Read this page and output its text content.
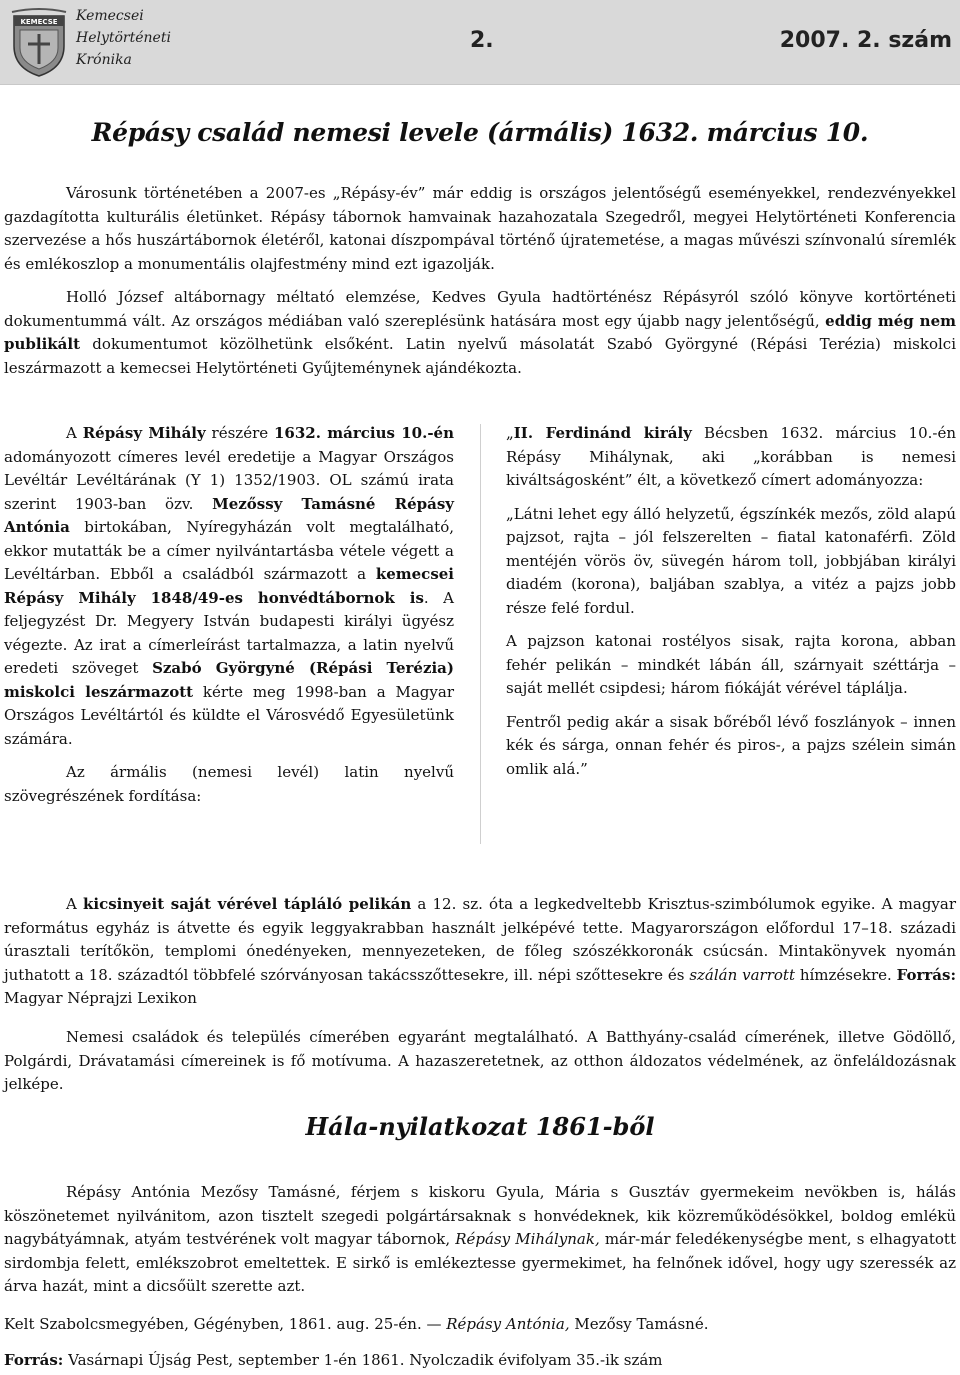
KEMECSE Kemecsei
Helytörténeti
Krónika
2.	2007. 2. szám
Répásy család nemesi levele (ármális) 1632. március 10.

Városunk történetében a 2007-es „Répásy-év” már eddig is országos jelentőségű eseményekkel, rendezvényekkel gazdagította kulturális életünket. Répásy tábornok hamvainak hazahozatala Szegedről, megyei Helytörténeti Konferencia szervezése a hős huszártábornok életéről, katonai díszpompával történő újratemetése, a magas művészi színvonalú síremlék és emlékoszlop a monumentális olajfestmény mind ezt igazolják.

Holló József altábornagy méltató elemzése, Kedves Gyula hadtörténész Répásyról szóló könyve kortörténeti dokumentummá vált. Az országos médiában való szereplésünk hatására most egy újabb nagy jelentőségű, eddig még nem publikált dokumentumot közölhetünk elsőként. Latin nyelvű másolatát Szabó Györgyné (Répási Terézia) miskolci leszármazott a kemecsei Helytörténeti Gyűjteménynek ajándékozta.

A Répásy Mihály részére 1632. március 10.-én adományozott címeres levél eredetije a Magyar Országos Levéltár Levéltárának (Y 1) 1352/1903. OL számú irata szerint 1903-ban özv. Mezőssy Tamásné Répásy Antónia birtokában, Nyíregyházán volt megtalálható, ekkor mutatták be a címer nyilvántartásba vétele végett a Levéltárban. Ebből a családból származott a kemecsei Répásy Mihály 1848/49-es honvédtábornok is. A feljegyzést Dr. Megyery István budapesti királyi ügyész végezte. Az irat a címerleírást tartalmazza, a latin nyelvű eredeti szöveget Szabó Györgyné (Répási Terézia) miskolci leszármazott kérte meg 1998-ban a Magyar Országos Levéltártól és küldte el Városvédő Egyesületünk számára.

Az ármális (nemesi levél) latin nyelvű szövegrészének fordítása:

„II. Ferdinánd király Bécsben 1632. március 10.-én Répásy Mihálynak, aki „korábban is nemesi kiváltságosként” élt, a következő címert adományozza:

„Látni lehet egy álló helyzetű, égszínkék mezős, zöld alapú pajzsot, rajta – jól felszerelten – fiatal katonaférfi. Zöld mentéjén vörös öv, süvegén három toll, jobbjában királyi diadém (korona), baljában szablya, a vitéz a pajzs jobb része felé fordul.

A pajzson katonai rostélyos sisak, rajta korona, abban fehér pelikán – mindkét lábán áll, szárnyait széttárja – saját mellét csipdesi; három fiókáját vérével táplálja.

Fentről pedig akár a sisak bőréből lévő foszlányok – innen kék és sárga, onnan fehér és piros-, a pajzs szélein simán omlik alá.”

A kicsinyeit saját vérével tápláló pelikán a 12. sz. óta a legkedveltebb Krisztus-szimbólumok egyike. A magyar református egyház is átvette és egyik leggyakrabban használt jelképévé tette. Magyarországon előfordul 17–18. századi úrasztali terítőkön, templomi ónedényeken, mennyezeteken, de főleg szószékkoronák csúcsán. Mintakönyvek nyomán juthatott a 18. századtól többfelé szórványosan takácsszőttesekre, ill. népi szőttesekre és szálán varrott hímzésekre. Forrás: Magyar Néprajzi Lexikon

Nemesi családok és település címerében egyaránt megtalálható. A Batthyány-család címerének, illetve Gödöllő, Polgárdi, Drávatamási címereinek is fő motívuma. A hazaszeretetnek, az otthon áldozatos védelmének, az önfeláldozásnak jelképe.

Hála-nyilatkozat 1861-ből

Répásy Antónia Mezősy Tamásné, férjem s kiskoru Gyula, Mária s Gusztáv gyermekeim nevökben is, hálás köszönetemet nyilvánitom, azon tisztelt szegedi polgártársaknak s honvédeknek, kik közreműködésökkel, boldog emlékü nagybátyámnak, atyám testvérének volt magyar tábornok, Répásy Mihálynak, már-már feledékenységbe ment, s elhagyatott sirdombja felett, emlékszobrot emeltettek. E sirkő is emlékeztesse gyermekimet, ha felnőnek idővel, hogy ugy szeressék az árva hazát, mint a dicsőült szerette azt.

Kelt Szabolcsmegyében, Gégényben, 1861. aug. 25-én. — Répásy Antónia, Mezősy Tamásné.
Forrás: Vasárnapi Újság Pest, september 1-én 1861. Nyolczadik évifolyam 35.-ik szám
